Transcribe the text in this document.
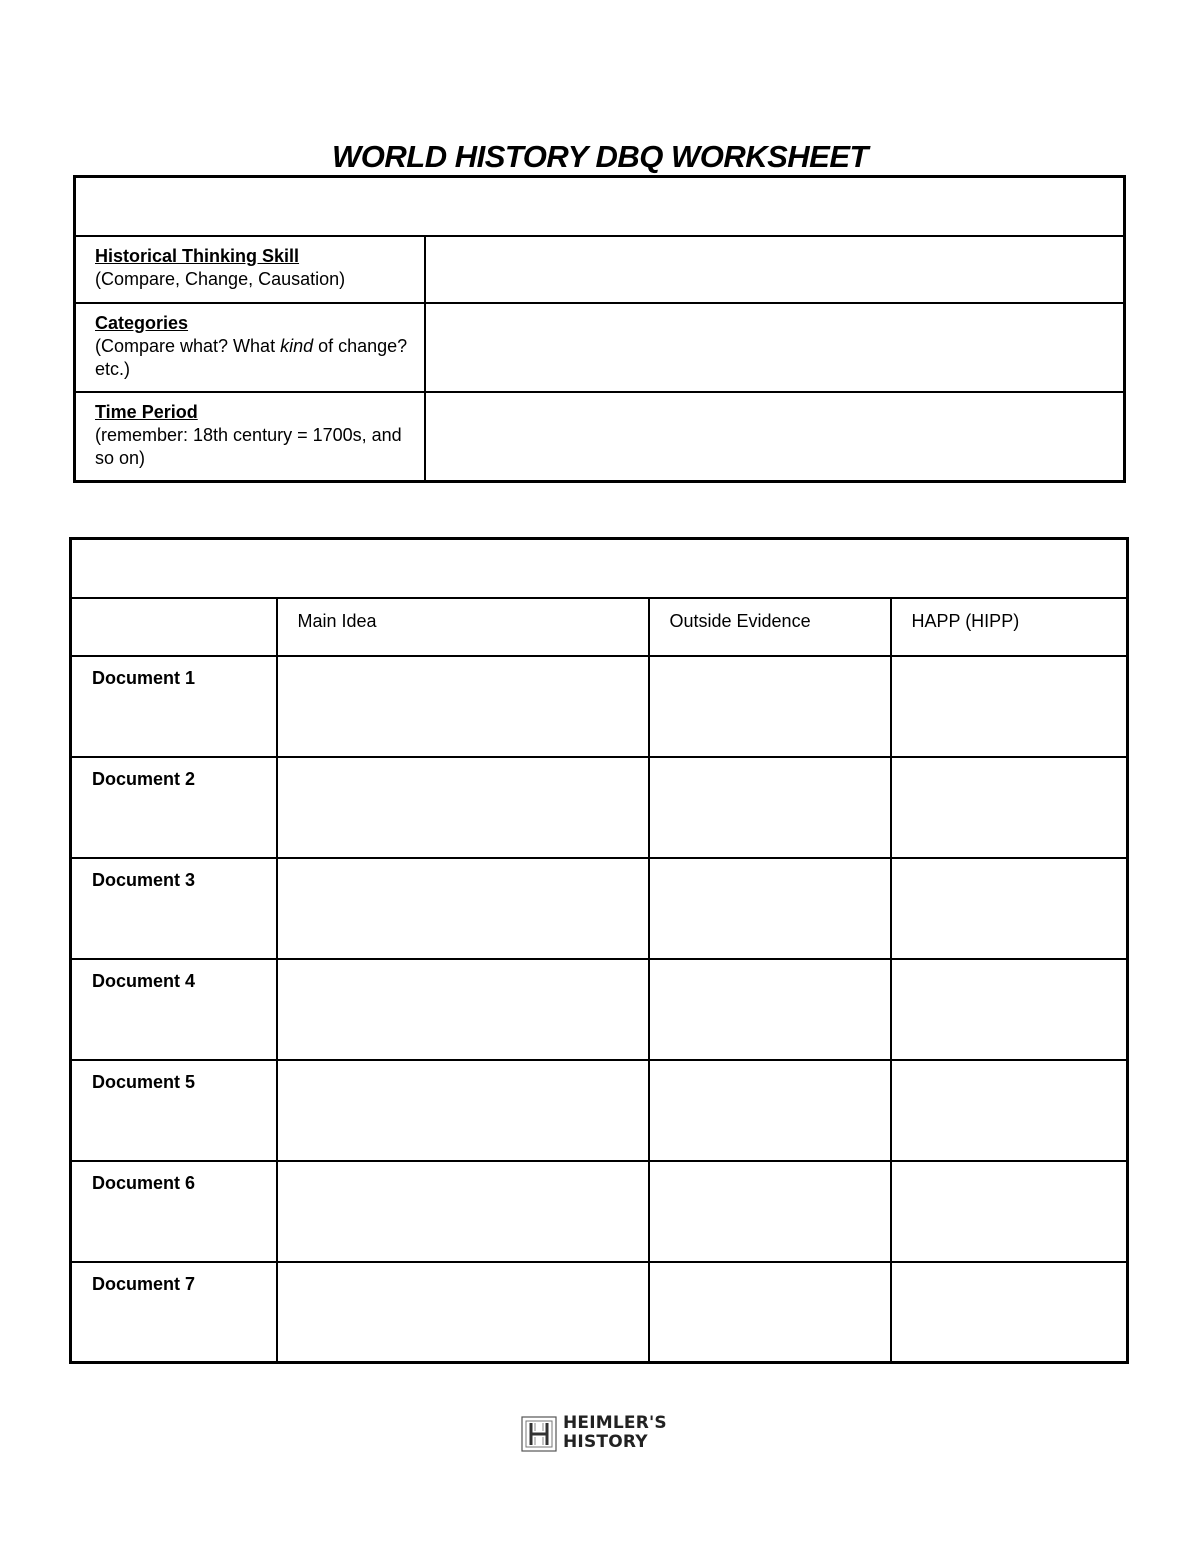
WORLD HISTORY DBQ WORKSHEET

Historical Thinking Skill
(Compare, Change, Causation)	

Categories
(Compare what? What kind of change? etc.)	

Time Period
(remember: 18th century = 1700s, and so on)	

	Main Idea	Outside Evidence	HAPP (HIPP)
Document 1			
Document 2			
Document 3			
Document 4			
Document 5			
Document 6			
Document 7			
HEIMLER'S
HISTORY
